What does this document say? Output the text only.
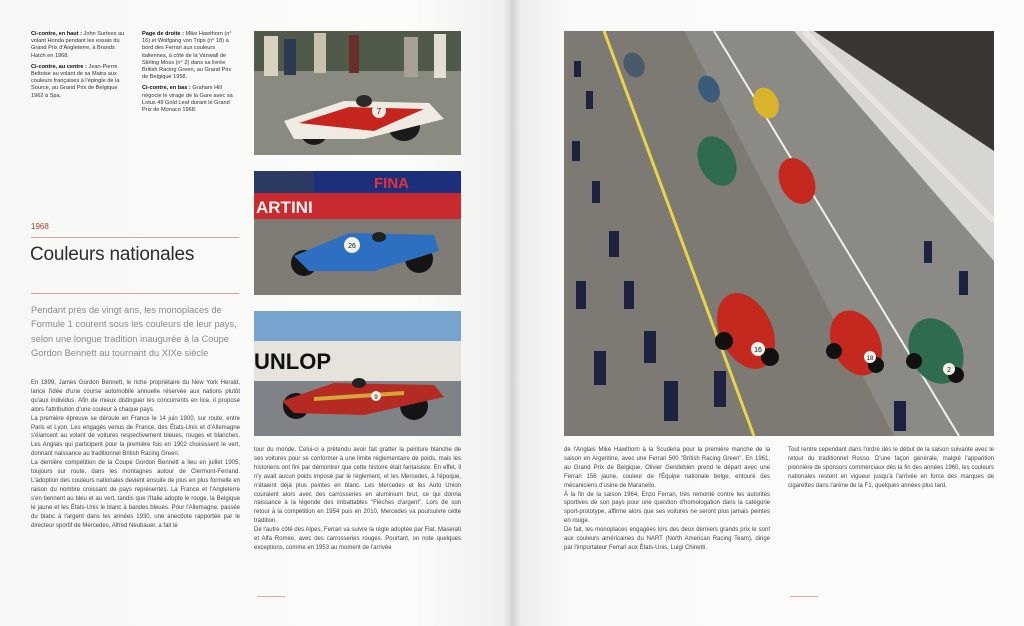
Ci-contre, en haut : John Surtees au volant Honda pendant les essais du Grand Prix d'Angleterre, à Brands Hatch en 1968.

Ci-contre, au centre : Jean-Pierre Beltoise au volant de sa Matra aux couleurs françaises à l'épingle de la Source, au Grand Prix de Belgique 1962 à Spa.

Page de droite : Mike Hawthorn (n° 16) et Wolfgang von Trips (n° 18) à bord des Ferrari aux couleurs italiennes, à côté de la Vanwall de Stirling Moss (n° 2) dans sa livrée British Racing Green, au Grand Prix de Belgique 1958.

Ci-contre, en bas : Graham Hill négocie le virage de la Gare avec sa Lotus 49 Gold Leaf durant le Grand Prix de Monaco 1968.	7
FINA
ARTINI
26
UNLOP
9
2
18
16
1968
Couleurs nationales
Pendant près de vingt ans, les monoplaces de Formule 1 courent sous les couleurs de leur pays, selon une longue tradition inaugurée à la Coupe Gordon Bennett au tournant du XIXe siècle

En 1899, James Gordon Bennett, le riche propriétaire du New York Herald, lance l'idée d'une course automobile annuelle réservée aux nations plutôt qu'aux individus. Afin de mieux distinguer les concurrents en lice, il propose alors l'attribution d'une couleur à chaque pays.

La première épreuve se déroule en France le 14 juin 1900, sur route, entre Paris et Lyon. Les engagés venus de France, des États-Unis et d'Allemagne s'élancent au volant de voitures respectivement bleues, rouges et blanches. Les Anglais qui participent pour la première fois en 1902 choisissent le vert, donnant naissance au traditionnel British Racing Green.

La dernière compétition de la Coupe Gordon Bennett a lieu en juillet 1905, toujours sur route, dans les montagnes autour de Clermont-Ferrand. L'adoption des couleurs nationales devient ensuite de plus en plus formelle en raison du nombre croissant de pays représentés. La France et l'Angleterre s'en tiennent au bleu et au vert, tandis que l'Italie adopte le rouge, la Belgique le jaune et les États-Unis le blanc à bandes bleues. Pour l'Allemagne, passée du blanc à l'argent dans les années 1930, une anecdote rapportée par le directeur sportif de Mercedes, Alfred Neubauer, a fait le

tour du monde. Celui-ci a prétendu avoir fait gratter la peinture blanche de ses voitures pour se conformer à une limite réglementaire de poids, mais les historiens ont fini par démontrer que cette histoire était fantaisiste. En effet, il n'y avait aucun poids imposé par le règlement, et les Mercedes, à l'époque, n'étaient déjà plus peintes en blanc. Les Mercedes et les Auto Union couraient alors avec des carrosseries en aluminium brut, ce qui donna naissance à la légende des imbattables "Flèches d'argent". Lors de son retour à la compétition en 1954 puis en 2010, Mercedes va poursuivre cette tradition.

De l'autre côté des Alpes, Ferrari va suivre la règle adoptée par Fiat, Maserati et Alfa Romeo, avec des carrosseries rouges. Pourtant, on note quelques exceptions, comme en 1953 au moment de l'arrivée

de l'Anglais Mike Hawthorn à la Scuderia pour la première manche de la saison en Argentine, avec une Ferrari 500 "British Racing Green". En 1961, au Grand Prix de Belgique, Olivier Gendebien prend le départ avec une Ferrari 156 jaune, couleur de l'Équipe nationale belge, entouré des mécaniciens d'usine de Maranello.

À la fin de la saison 1964, Enzo Ferrari, très remonté contre les autorités sportives de son pays pour une question d'homologation dans la catégorie sport-prototype, affirme alors que ses voitures ne seront plus jamais peintes en rouge.

De fait, les monoplaces engagées lors des deux derniers grands prix le sont aux couleurs américaines du NART (North American Racing Team), dirigé par l'importateur Ferrari aux États-Unis, Luigi Chinetti.

Tout rentre cependant dans l'ordre dès le début de la saison suivante avec le retour du traditionnel Rosso. D'une façon générale, malgré l'apparition pionnière de sponsors commerciaux dès la fin des années 1960, les couleurs nationales restent en vigueur jusqu'à l'arrivée en force des marques de cigarettes dans l'arène de la F1, quelques années plus tard.
